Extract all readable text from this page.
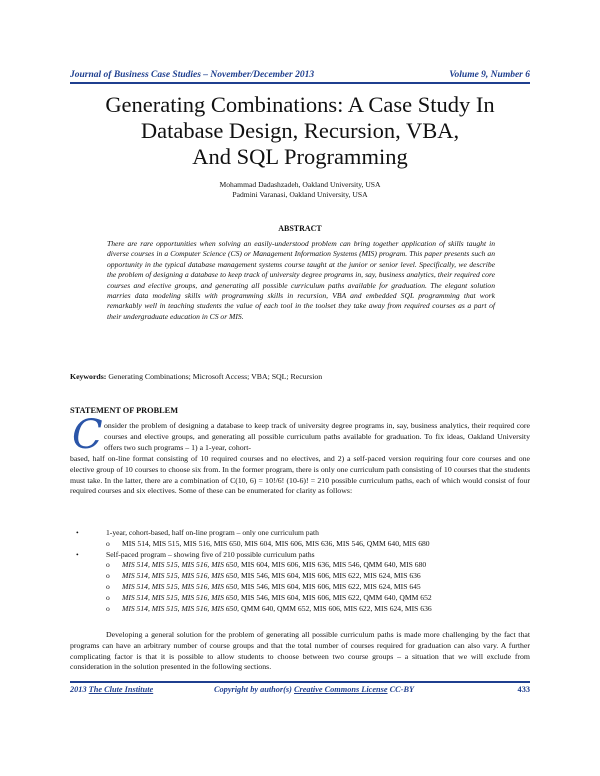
Journal of Business Case Studies – November/December 2013	Volume 9, Number 6
Generating Combinations: A Case Study In
Database Design, Recursion, VBA,
And SQL Programming
Mohammad Dadashzadeh, Oakland University, USA
Padmini Varanasi, Oakland University, USA
ABSTRACT
There are rare opportunities when solving an easily-understood problem can bring together application of skills taught in diverse courses in a Computer Science (CS) or Management Information Systems (MIS) program. This paper presents such an opportunity in the typical database management systems course taught at the junior or senior level. Specifically, we describe the problem of designing a database to keep track of university degree programs in, say, business analytics, their required core courses and elective groups, and generating all possible curriculum paths available for graduation. The elegant solution marries data modeling skills with programming skills in recursion, VBA and embedded SQL programming that work remarkably well in teaching students the value of each tool in the toolset they take away from required courses as a part of their undergraduate education in CS or MIS.
Keywords: Generating Combinations; Microsoft Access; VBA; SQL; Recursion
STATEMENT OF PROBLEM
C onsider the problem of designing a database to keep track of university degree programs in, say, business analytics, their required core courses and elective groups, and generating all possible curriculum paths available for graduation. To fix ideas, Oakland University offers two such programs – 1) a 1-year, cohort-
based, half on-line format consisting of 10 required courses and no electives, and 2) a self-paced version requiring four core courses and one elective group of 10 courses to choose six from. In the former program, there is only one curriculum path consisting of 10 courses that the students must take. In the latter, there are a combination of C(10, 6) = 10!/6! (10-6)! = 210 possible curriculum paths, each of which would consist of four required courses and six electives. Some of these can be enumerated for clarity as follows:
•	1-year, cohort-based, half on-line program – only one curriculum path
o MIS 514, MIS 515, MIS 516, MIS 650, MIS 604, MIS 606, MIS 636, MIS 546, QMM 640, MIS 680
•	Self-paced program – showing five of 210 possible curriculum paths
o MIS 514, MIS 515, MIS 516, MIS 650, MIS 604, MIS 606, MIS 636, MIS 546, QMM 640, MIS 680
o MIS 514, MIS 515, MIS 516, MIS 650, MIS 546, MIS 604, MIS 606, MIS 622, MIS 624, MIS 636
o MIS 514, MIS 515, MIS 516, MIS 650, MIS 546, MIS 604, MIS 606, MIS 622, MIS 624, MIS 645
o MIS 514, MIS 515, MIS 516, MIS 650, MIS 546, MIS 604, MIS 606, MIS 622, QMM 640, QMM 652
o MIS 514, MIS 515, MIS 516, MIS 650, QMM 640, QMM 652, MIS 606, MIS 622, MIS 624, MIS 636
Developing a general solution for the problem of generating all possible curriculum paths is made more challenging by the fact that programs can have an arbitrary number of course groups and that the total number of courses required for graduation can also vary. A further complicating factor is that it is possible to allow students to choose between two course groups – a situation that we will exclude from consideration in the solution presented in the following sections.
2013 The Clute Institute	Copyright by author(s) Creative Commons License CC-BY	433
